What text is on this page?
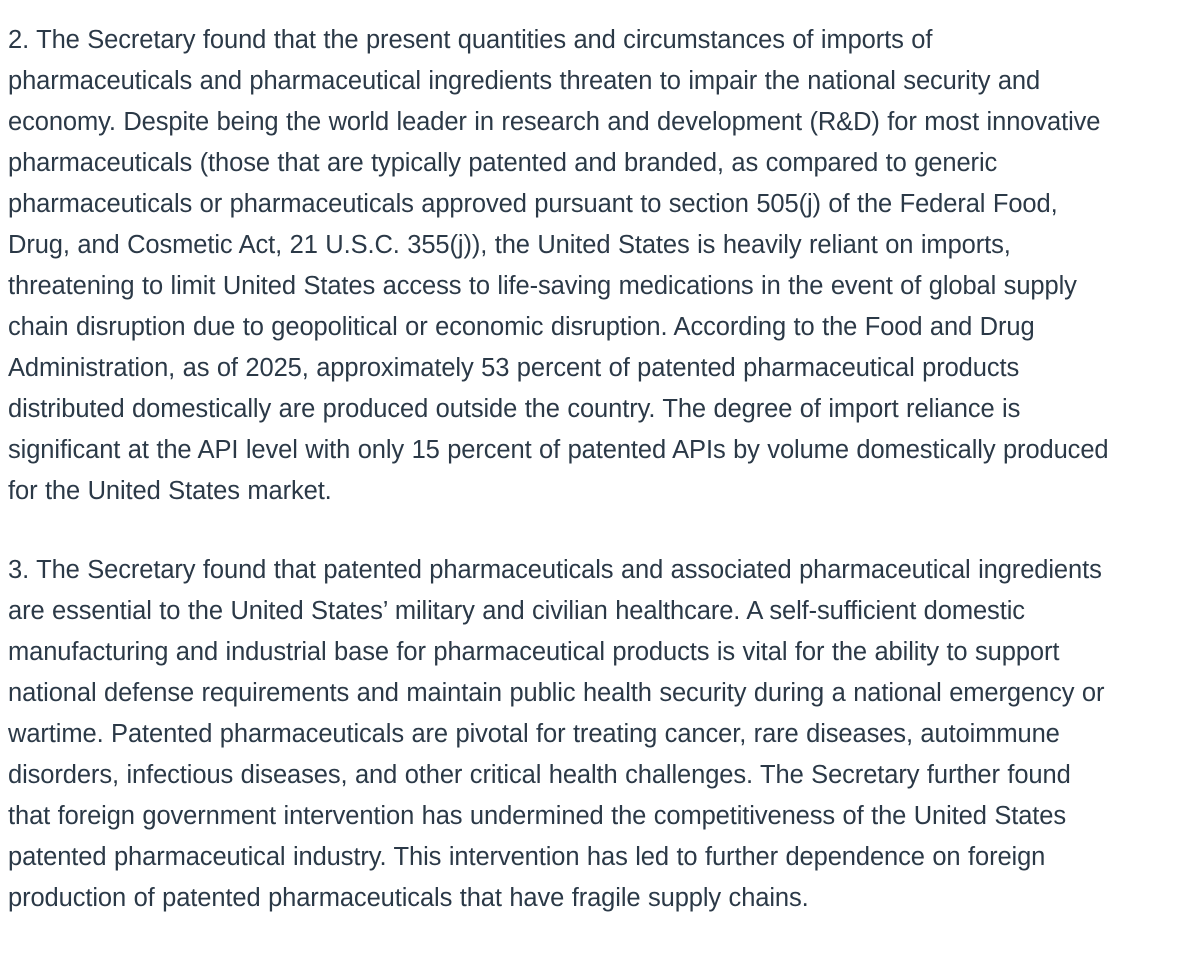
2. The Secretary found that the present quantities and circumstances of imports of pharmaceuticals and pharmaceutical ingredients threaten to impair the national security and economy. Despite being the world leader in research and development (R&D) for most innovative pharmaceuticals (those that are typically patented and branded, as compared to generic pharmaceuticals or pharmaceuticals approved pursuant to section 505(j) of the Federal Food, Drug, and Cosmetic Act, 21 U.S.C. 355(j)), the United States is heavily reliant on imports, threatening to limit United States access to life-saving medications in the event of global supply chain disruption due to geopolitical or economic disruption. According to the Food and Drug Administration, as of 2025, approximately 53 percent of patented pharmaceutical products distributed domestically are produced outside the country. The degree of import reliance is significant at the API level with only 15 percent of patented APIs by volume domestically produced for the United States market.

3. The Secretary found that patented pharmaceuticals and associated pharmaceutical ingredients are essential to the United States’ military and civilian healthcare. A self-sufficient domestic manufacturing and industrial base for pharmaceutical products is vital for the ability to support national defense requirements and maintain public health security during a national emergency or wartime. Patented pharmaceuticals are pivotal for treating cancer, rare diseases, autoimmune disorders, infectious diseases, and other critical health challenges. The Secretary further found that foreign government intervention has undermined the competitiveness of the United States patented pharmaceutical industry. This intervention has led to further dependence on foreign production of patented pharmaceuticals that have fragile supply chains.
